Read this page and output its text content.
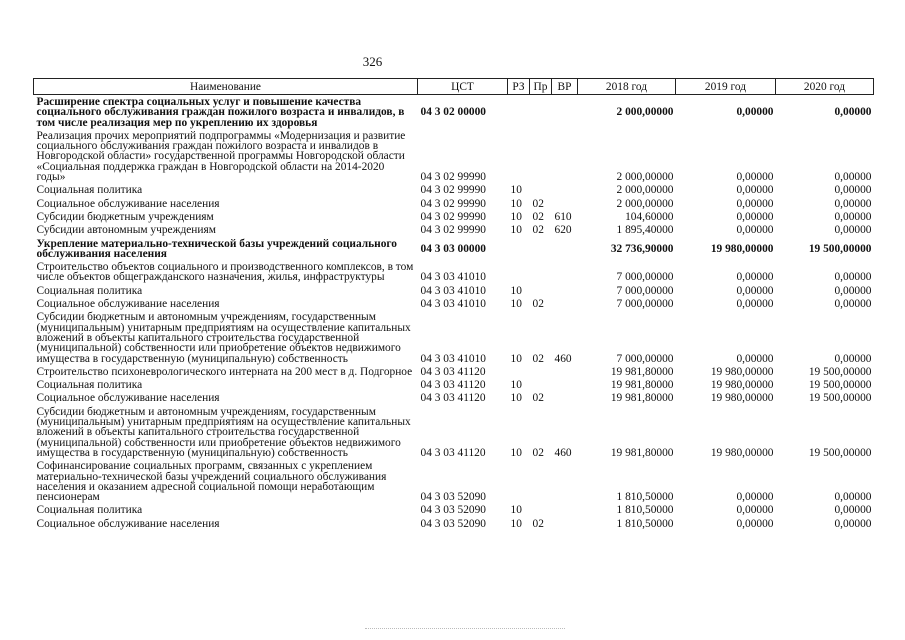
326
Наименование	ЦСТ	РЗ	Пр	ВР	2018 год	2019 год	2020 год
Расширение спектра социальных услуг и повышение качества социального обслуживания граждан пожилого возраста и инвалидов, в том числе реализация мер по укреплению их здоровья	04 3 02 00000				2 000,00000	0,00000	0,00000
Реализация прочих мероприятий подпрограммы «Модернизация и развитие социального обслуживания граждан пожилого возраста и инвалидов в Новгородской области» государственной программы Новгородской области «Социальная поддержка граждан в Новгородской области на 2014-2020 годы»	04 3 02 99990				2 000,00000	0,00000	0,00000
Социальная политика	04 3 02 99990	10			2 000,00000	0,00000	0,00000
Социальное обслуживание населения	04 3 02 99990	10	02		2 000,00000	0,00000	0,00000
Субсидии бюджетным учреждениям	04 3 02 99990	10	02	610	104,60000	0,00000	0,00000
Субсидии автономным учреждениям	04 3 02 99990	10	02	620	1 895,40000	0,00000	0,00000
Укрепление материально-технической базы учреждений социального обслуживания населения	04 3 03 00000				32 736,90000	19 980,00000	19 500,00000
Строительство объектов социального и производственного комплексов, в том числе объектов общегражданского назначения, жилья, инфраструктуры	04 3 03 41010				7 000,00000	0,00000	0,00000
Социальная политика	04 3 03 41010	10			7 000,00000	0,00000	0,00000
Социальное обслуживание населения	04 3 03 41010	10	02		7 000,00000	0,00000	0,00000
Субсидии бюджетным и автономным учреждениям, государственным (муниципальным) унитарным предприятиям на осуществление капитальных вложений в объекты капитального строительства государственной (муниципальной) собственности или приобретение объектов недвижимого имущества в государственную (муниципальную) собственность	04 3 03 41010	10	02	460	7 000,00000	0,00000	0,00000
Строительство психоневрологического интерната на 200 мест в д. Подгорное	04 3 03 41120				19 981,80000	19 980,00000	19 500,00000
Социальная политика	04 3 03 41120	10			19 981,80000	19 980,00000	19 500,00000
Социальное обслуживание населения	04 3 03 41120	10	02		19 981,80000	19 980,00000	19 500,00000
Субсидии бюджетным и автономным учреждениям, государственным (муниципальным) унитарным предприятиям на осуществление капитальных вложений в объекты капитального строительства государственной (муниципальной) собственности или приобретение объектов недвижимого имущества в государственную (муниципальную) собственность	04 3 03 41120	10	02	460	19 981,80000	19 980,00000	19 500,00000
Софинансирование социальных программ, связанных с укреплением материально-технической базы учреждений социального обслуживания населения и оказанием адресной социальной помощи неработающим пенсионерам	04 3 03 52090				1 810,50000	0,00000	0,00000
Социальная политика	04 3 03 52090	10			1 810,50000	0,00000	0,00000
Социальное обслуживание населения	04 3 03 52090	10	02		1 810,50000	0,00000	0,00000
